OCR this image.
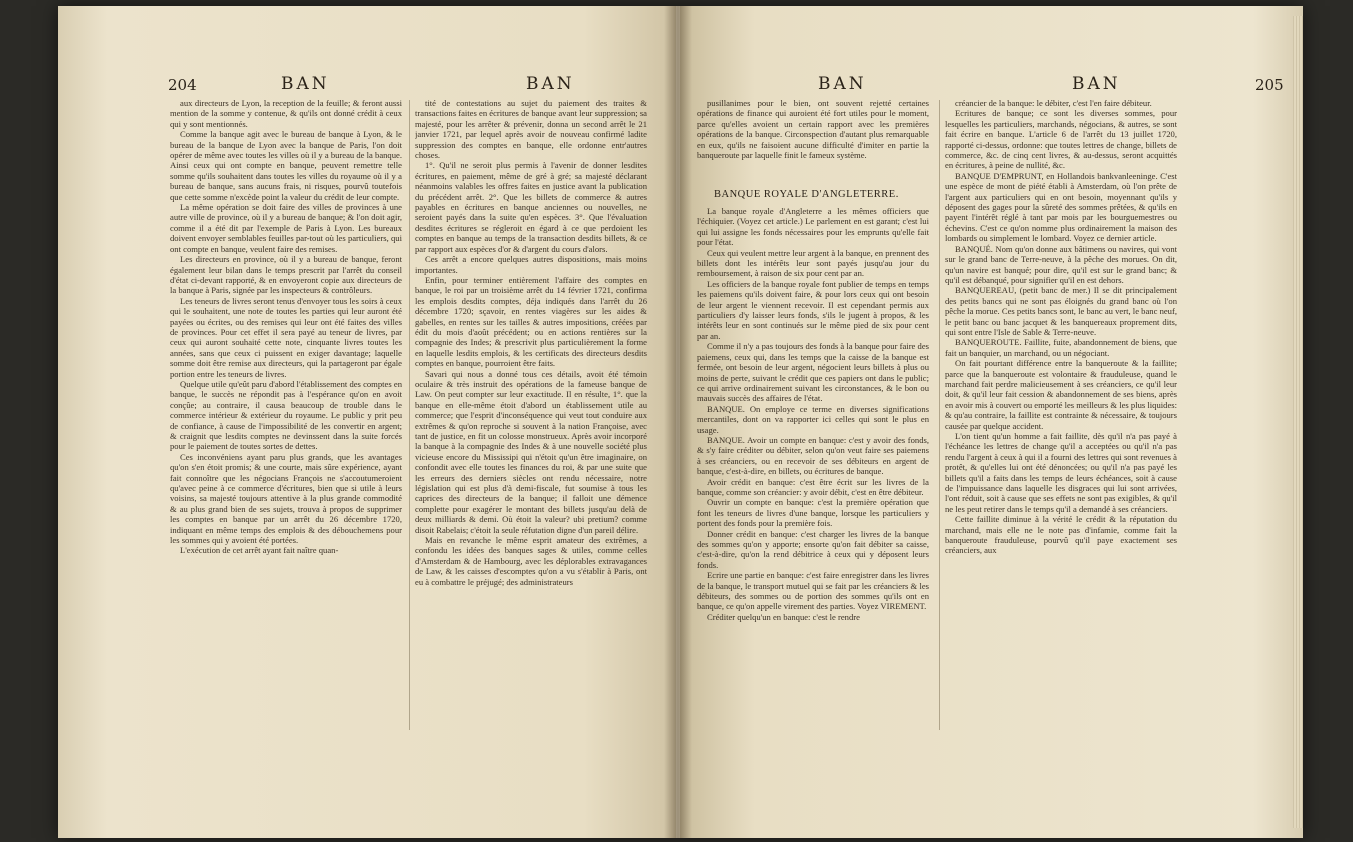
204	BAN	BAN

aux directeurs de Lyon, la reception de la feuille; & feront aussi mention de la somme y contenue, & qu'ils ont donné crédit à ceux qui y sont mentionnés.

Comme la banque agit avec le bureau de banque à Lyon, & le bureau de la banque de Lyon avec la banque de Paris, l'on doit opérer de même avec toutes les villes où il y a bureau de la banque. Ainsi ceux qui ont compte en banque, peuvent remettre telle somme qu'ils souhaitent dans toutes les villes du royaume où il y a bureau de banque, sans aucuns frais, ni risques, pourvû toutefois que cette somme n'excède point la valeur du crédit de leur compte.

La même opération se doit faire des villes de provinces à une autre ville de province, où il y a bureau de banque; & l'on doit agir, comme il a été dit par l'exemple de Paris à Lyon. Les bureaux doivent envoyer semblables feuilles par-tout où les particuliers, qui ont compte en banque, veulent faire des remises.

Les directeurs en province, où il y a bureau de banque, feront également leur bilan dans le temps prescrit par l'arrêt du conseil d'état ci-devant rapporté, & en envoyeront copie aux directeurs de la banque à Paris, signée par les inspecteurs & contrôleurs.

Les teneurs de livres seront tenus d'envoyer tous les soirs à ceux qui le souhaitent, une note de toutes les parties qui leur auront été payées ou écrites, ou des remises qui leur ont été faites des villes de provinces. Pour cet effet il sera payé au teneur de livres, par ceux qui auront souhaité cette note, cinquante livres toutes les années, sans que ceux ci puissent en exiger davantage; laquelle somme doit être remise aux directeurs, qui la partageront par égale portion entre les teneurs de livres.

Quelque utile qu'eût paru d'abord l'établissement des comptes en banque, le succès ne répondit pas à l'espérance qu'on en avoit conçûe; au contraire, il causa beaucoup de trouble dans le commerce intérieur & extérieur du royaume. Le public y prit peu de confiance, à cause de l'impossibilité de les convertir en argent; & craignit que lesdits comptes ne devinssent dans la suite forcés pour le paiement de toutes sortes de dettes.

Ces inconvéniens ayant paru plus grands, que les avantages qu'on s'en étoit promis; & une courte, mais sûre expérience, ayant fait connoître que les négocians François ne s'accoutumeroient qu'avec peine à ce commerce d'écritures, bien que si utile à leurs voisins, sa majesté toujours attentive à la plus grande commodité & au plus grand bien de ses sujets, trouva à propos de supprimer les comptes en banque par un arrêt du 26 décembre 1720, indiquant en même temps des emplois & des débouchemens pour les sommes qui y avoient été portées.

L'exécution de cet arrêt ayant fait naître quan-

tité de contestations au sujet du paiement des traites & transactions faites en écritures de banque avant leur suppression; sa majesté, pour les arrêter & prévenir, donna un second arrêt le 21 janvier 1721, par lequel après avoir de nouveau confirmé ladite suppression des comptes en banque, elle ordonne entr'autres choses.

1°. Qu'il ne seroit plus permis à l'avenir de donner lesdites écritures, en paiement, même de gré à gré; sa majesté déclarant néanmoins valables les offres faites en justice avant la publication du précédent arrêt. 2°. Que les billets de commerce & autres payables en écritures en banque anciennes ou nouvelles, ne seroient payés dans la suite qu'en espèces. 3°. Que l'évaluation desdites écritures se régleroit en égard à ce que perdoient les comptes en banque au temps de la transaction desdits billets, & ce par rapport aux espèces d'or & d'argent du cours d'alors.

Ces arrêt a encore quelques autres dispositions, mais moins importantes.

Enfin, pour terminer entièrement l'affaire des comptes en banque, le roi par un troisième arrêt du 14 février 1721, confirma les emplois desdits comptes, déja indiqués dans l'arrêt du 26 décembre 1720; sçavoir, en rentes viagères sur les aides & gabelles, en rentes sur les tailles & autres impositions, créées par édit du mois d'août précédent; ou en actions rentières sur la compagnie des Indes; & prescrivit plus particulièrement la forme en laquelle lesdits emplois, & les certificats des directeurs desdits comptes en banque, pourroient être faits.

Savari qui nous a donné tous ces détails, avoit été témoin oculaire & très instruit des opérations de la fameuse banque de Law. On peut compter sur leur exactitude. Il en résulte, 1°. que la banque en elle-même étoit d'abord un établissement utile au commerce; que l'esprit d'inconséquence qui veut tout conduire aux extrêmes & qu'on reproche si souvent à la nation Françoise, avec tant de justice, en fit un colosse monstrueux. Après avoir incorporé la banque à la compagnie des Indes & à une nouvelle société plus vicieuse encore du Mississipi qui n'étoit qu'un être imaginaire, on confondit avec elle toutes les finances du roi, & par une suite que les erreurs des derniers siècles ont rendu nécessaire, notre législation qui est plus d'à demi-fiscale, fut soumise à tous les caprices des directeurs de la banque; il falloit une démence complette pour exagérer le montant des billets jusqu'au delà de deux milliards & demi. Où étoit la valeur? ubi pretium? comme disoit Rabelais; c'étoit la seule réfutation digne d'un pareil délire.

Mais en revanche le même esprit amateur des extrêmes, a confondu les idées des banques sages & utiles, comme celles d'Amsterdam & de Hambourg, avec les déplorables extravagances de Law, & les caisses d'escomptes qu'on a vu s'établir à Paris, ont eu à combattre le préjugé; des administrateurs

BAN	BAN	205

pusillanimes pour le bien, ont souvent rejetté certaines opérations de finance qui auroient été fort utiles pour le moment, parce qu'elles avoient un certain rapport avec les premières opérations de la banque. Circonspection d'autant plus remarquable en eux, qu'ils ne faisoient aucune difficulté d'imiter en partie la banqueroute par laquelle finit le fameux système.

BANQUE ROYALE D'ANGLETERRE.

La banque royale d'Angleterre a les mêmes officiers que l'échiquier. (Voyez cet article.) Le parlement en est garant; c'est lui qui lui assigne les fonds nécessaires pour les emprunts qu'elle fait pour l'état.

Ceux qui veulent mettre leur argent à la banque, en prennent des billets dont les intérêts leur sont payés jusqu'au jour du remboursement, à raison de six pour cent par an.

Les officiers de la banque royale font publier de temps en temps les paiemens qu'ils doivent faire, & pour lors ceux qui ont besoin de leur argent le viennent recevoir. Il est cependant permis aux particuliers d'y laisser leurs fonds, s'ils le jugent à propos, & les intérêts leur en sont continués sur le même pied de six pour cent par an.

Comme il n'y a pas toujours des fonds à la banque pour faire des paiemens, ceux qui, dans les temps que la caisse de la banque est fermée, ont besoin de leur argent, négocient leurs billets à plus ou moins de perte, suivant le crédit que ces papiers ont dans le public; ce qui arrive ordinairement suivant les circonstances, & le bon ou mauvais succès des affaires de l'état.

BANQUE. On employe ce terme en diverses significations mercantiles, dont on va rapporter ici celles qui sont le plus en usage.

BANQUE. Avoir un compte en banque: c'est y avoir des fonds, & s'y faire créditer ou débiter, selon qu'on veut faire ses paiemens à ses créanciers, ou en recevoir de ses débiteurs en argent de banque, c'est-à-dire, en billets, ou écritures de banque.

Avoir crédit en banque: c'est être écrit sur les livres de la banque, comme son créancier: y avoir débit, c'est en être débiteur.

Ouvrir un compte en banque: c'est la première opération que font les teneurs de livres d'une banque, lorsque les particuliers y portent des fonds pour la première fois.

Donner crédit en banque: c'est charger les livres de la banque des sommes qu'on y apporte; ensorte qu'on fait débiter sa caisse, c'est-à-dire, qu'on la rend débitrice à ceux qui y déposent leurs fonds.

Ecrire une partie en banque: c'est faire enregistrer dans les livres de la banque, le transport mutuel qui se fait par les créanciers & les débiteurs, des sommes ou de portion des sommes qu'ils ont en banque, ce qu'on appelle virement des parties. Voyez VIREMENT.

Créditer quelqu'un en banque: c'est le rendre

créancier de la banque: le débiter, c'est l'en faire débiteur.

Ecritures de banque; ce sont les diverses sommes, pour lesquelles les particuliers, marchands, négocians, & autres, se sont fait écrire en banque. L'article 6 de l'arrêt du 13 juillet 1720, rapporté ci-dessus, ordonne: que toutes lettres de change, billets de commerce, &c. de cinq cent livres, & au-dessus, seront acquittés en écritures, à peine de nullité, &c.

BANQUE D'EMPRUNT, en Hollandois bankvanleeninge. C'est une espèce de mont de piété établi à Amsterdam, où l'on prête de l'argent aux particuliers qui en ont besoin, moyennant qu'ils y déposent des gages pour la sûreté des sommes prêtées, & qu'ils en payent l'intérêt réglé à tant par mois par les bourguemestres ou échevins. C'est ce qu'on nomme plus ordinairement la maison des lombards ou simplement le lombard. Voyez ce dernier article.

BANQUÉ. Nom qu'on donne aux bâtimens ou navires, qui vont sur le grand banc de Terre-neuve, à la pêche des morues. On dit, qu'un navire est banqué; pour dire, qu'il est sur le grand banc; & qu'il est débanqué, pour signifier qu'il en est dehors.

BANQUEREAU, (petit banc de mer.) Il se dit principalement des petits bancs qui ne sont pas éloignés du grand banc où l'on pêche la morue. Ces petits bancs sont, le banc au vert, le banc neuf, le petit banc ou banc jacquet & les banquereaux proprement dits, qui sont entre l'Isle de Sable & Terre-neuve.

BANQUEROUTE. Faillite, fuite, abandonnement de biens, que fait un banquier, un marchand, ou un négociant.

On fait pourtant différence entre la banqueroute & la faillite; parce que la banqueroute est volontaire & frauduleuse, quand le marchand fait perdre malicieusement à ses créanciers, ce qu'il leur doit, & qu'il leur fait cession & abandonnement de ses biens, après en avoir mis à couvert ou emporté les meilleurs & les plus liquides: & qu'au contraire, la faillite est contrainte & nécessaire, & toujours causée par quelque accident.

L'on tient qu'un homme a fait faillite, dès qu'il n'a pas payé à l'échéance les lettres de change qu'il a acceptées ou qu'il n'a pas rendu l'argent à ceux à qui il a fourni des lettres qui sont revenues à protêt, & qu'elles lui ont été dénoncées; ou qu'il n'a pas payé les billets qu'il a faits dans les temps de leurs échéances, soit à cause de l'impuissance dans laquelle les disgraces qui lui sont arrivées, l'ont réduit, soit à cause que ses effets ne sont pas exigibles, & qu'il ne les peut retirer dans le temps qu'il a demandé à ses créanciers.

Cette faillite diminue à la vérité le crédit & la réputation du marchand, mais elle ne le note pas d'infamie, comme fait la banqueroute frauduleuse, pourvû qu'il paye exactement ses créanciers, aux
